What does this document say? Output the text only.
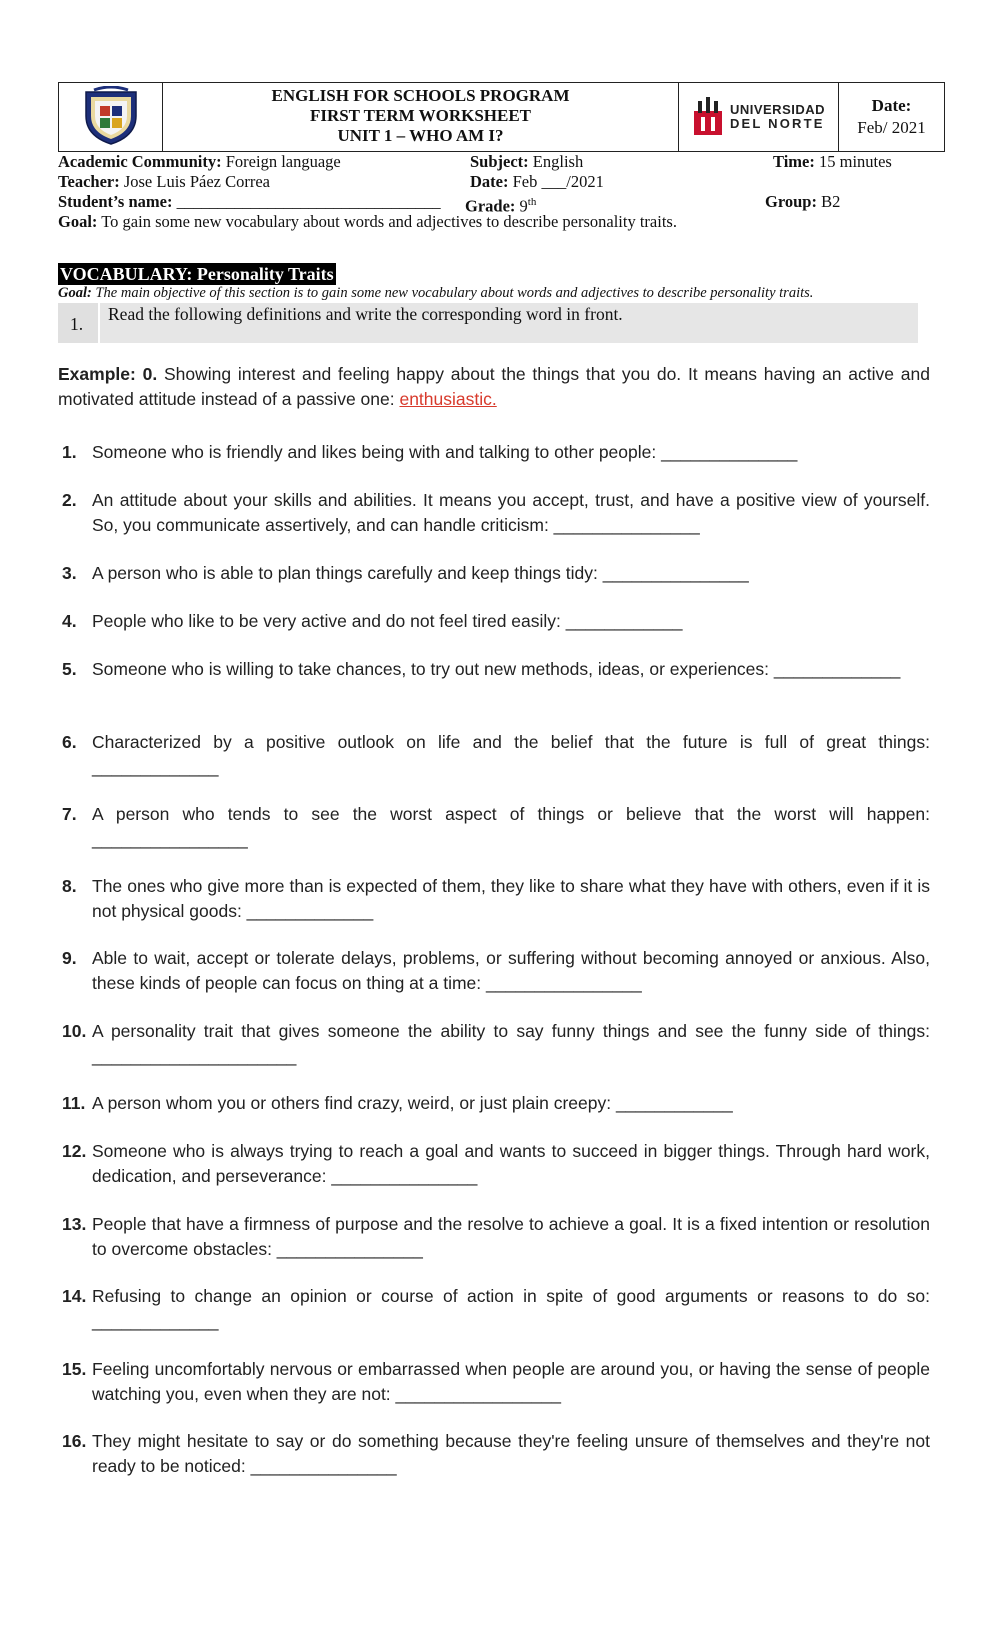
ENGLISH FOR SCHOOLS PROGRAM
FIRST TERM WORKSHEET
UNIT 1 – WHO AM I?
UNIVERSIDAD
DEL NORTE
Date:
Feb/ 2021
Academic Community: Foreign language	Subject: English	Time: 15 minutes
Teacher: Jose Luis Páez Correa	Date: Feb ___/2021
Student’s name: ________________________________ Grade: 9th	Group: B2
Goal: To gain some new vocabulary about words and adjectives to describe personality traits.
VOCABULARY: Personality Traits
Goal: The main objective of this section is to gain some new vocabulary about words and adjectives to describe personality traits.
1. Read the following definitions and write the corresponding word in front.
Example: 0. Showing interest and feeling happy about the things that you do. It means having an active and motivated attitude instead of a passive one: enthusiastic.
1. Someone who is friendly and likes being with and talking to other people: ______________
2. An attitude about your skills and abilities. It means you accept, trust, and have a positive view of yourself. So, you communicate assertively, and can handle criticism: _______________
3. A person who is able to plan things carefully and keep things tidy: _______________
4. People who like to be very active and do not feel tired easily: ____________
5. Someone who is willing to take chances, to try out new methods, ideas, or experiences: _____________
6. Characterized by a positive outlook on life and the belief that the future is full of great things: _____________
7. A person who tends to see the worst aspect of things or believe that the worst will happen: ________________
8. The ones who give more than is expected of them, they like to share what they have with others, even if it is not physical goods: _____________
9. Able to wait, accept or tolerate delays, problems, or suffering without becoming annoyed or anxious. Also, these kinds of people can focus on thing at a time: ________________
10. A personality trait that gives someone the ability to say funny things and see the funny side of things: _____________________
11. A person whom you or others find crazy, weird, or just plain creepy: ____________
12. Someone who is always trying to reach a goal and wants to succeed in bigger things. Through hard work, dedication, and perseverance: _______________
13. People that have a firmness of purpose and the resolve to achieve a goal. It is a fixed intention or resolution to overcome obstacles: _______________
14. Refusing to change an opinion or course of action in spite of good arguments or reasons to do so: _____________
15. Feeling uncomfortably nervous or embarrassed when people are around you, or having the sense of people watching you, even when they are not: _________________
16. They might hesitate to say or do something because they're feeling unsure of themselves and they're not ready to be noticed: _______________
